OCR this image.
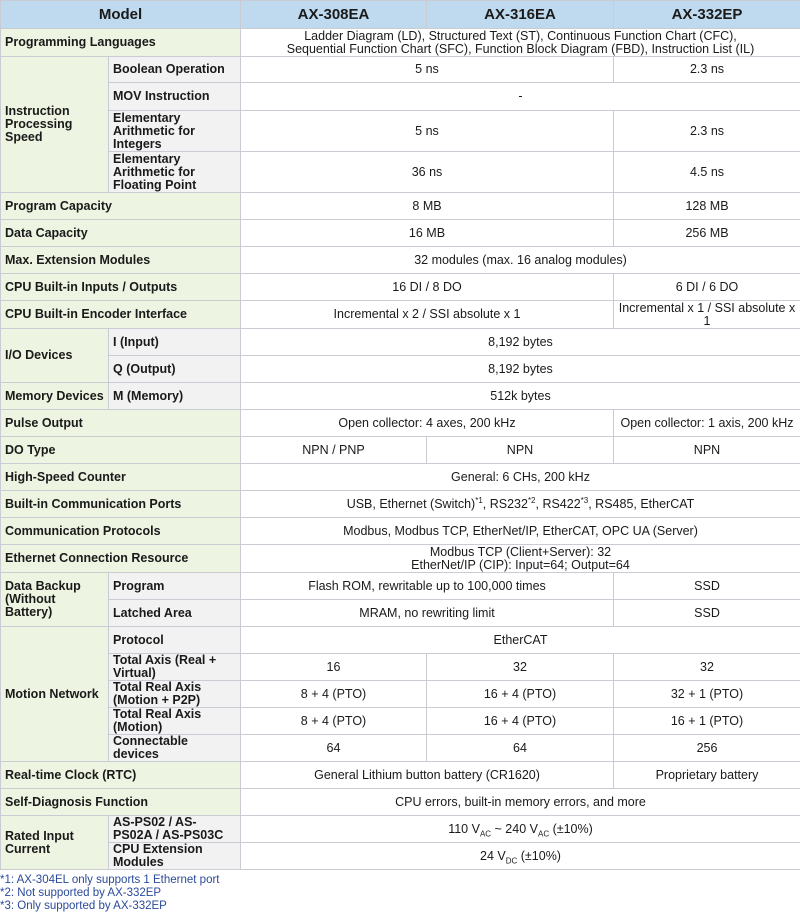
Model		AX-308EA	AX-316EA	AX-332EP
Programming Languages		Ladder Diagram (LD), Structured Text (ST), Continuous Function Chart (CFC),
Sequential Function Chart (SFC), Function Block Diagram (FBD), Instruction List (IL)		

Instruction Processing Speed	Boolean Operation	5 ns		2.3 ns
	MOV Instruction	-		
	Elementary Arithmetic for Integers	5 ns		2.3 ns
	Elementary Arithmetic for Floating Point	36 ns		4.5 ns
Program Capacity		8 MB		128 MB
Data Capacity		16 MB		256 MB
Max. Extension Modules		32 modules (max. 16 analog modules)		
CPU Built-in Inputs / Outputs		16 DI / 8 DO		6 DI / 6 DO
CPU Built-in Encoder Interface		Incremental x 2 / SSI absolute x 1		Incremental x 1 / SSI absolute x 1
I/O Devices	I (Input)	8,192 bytes		
	Q (Output)	8,192 bytes		
Memory Devices	M (Memory)	512k bytes		
Pulse Output		Open collector: 4 axes, 200 kHz		Open collector: 1 axis, 200 kHz
DO Type		NPN / PNP	NPN	NPN
High-Speed Counter		General: 6 CHs, 200 kHz		
Built-in Communication Ports		USB, Ethernet (Switch)$^{*1}$, RS232$^{*2}$, RS422$^{*3}$, RS485, EtherCAT		
Communication Protocols		Modbus, Modbus TCP, EtherNet/IP, EtherCAT, OPC UA (Server)		
Ethernet Connection Resource		Modbus TCP (Client+Server): 32
EtherNet/IP (CIP): Input=64; Output=64		

Data Backup (Without Battery)	Program	Flash ROM, rewritable up to 100,000 times		SSD
	Latched Area	MRAM, no rewriting limit		SSD
Motion Network	Protocol	EtherCAT		
	Total Axis (Real + Virtual)	16	32	32
	Total Real Axis (Motion + P2P)	8 + 4 (PTO)	16 + 4 (PTO)	32 + 1 (PTO)
	Total Real Axis (Motion)	8 + 4 (PTO)	16 + 4 (PTO)	16 + 1 (PTO)
	Connectable devices	64	64	256
Real-time Clock (RTC)		General Lithium button battery (CR1620)		Proprietary battery
Self-Diagnosis Function		CPU errors, built-in memory errors, and more		
Rated Input Current	AS-PS02 / AS-PS02A / AS-PS03C	110 $V_{AC}$ ~ 240 $V_{AC}$ (±10%)		
	CPU Extension Modules	24 $V_{DC}$ (±10%)		
*1: AX-304EL only supports 1 Ethernet port
*2: Not supported by AX-332EP
*3: Only supported by AX-332EP
